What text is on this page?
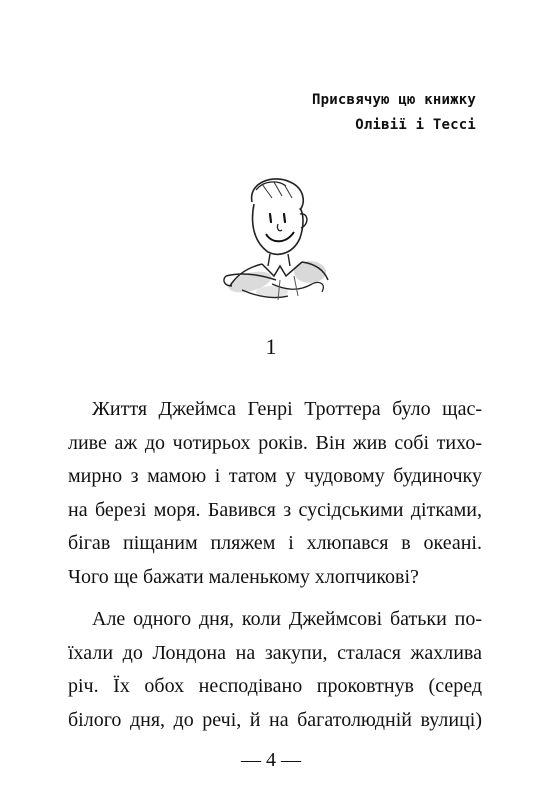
Присвячую цю книжку
Олівії і Тессі
1

Життя Джеймса Генрі Троттера було щас-
ливе аж до чотирьох років. Він жив собі тихо-
мирно з мамою і татом у чудовому будиночку
на березі моря. Бавився з сусідськими дітками,
бігав піщаним пляжем і хлюпався в океані.
Чого ще бажати маленькому хлопчикові?

Але одного дня, коли Джеймсові батьки по-
їхали до Лондона на закупи, сталася жахлива
річ. Їх обох несподівано проковтнув (серед
білого дня, до речі, й на багатолюдній вулиці)

— 4 —
